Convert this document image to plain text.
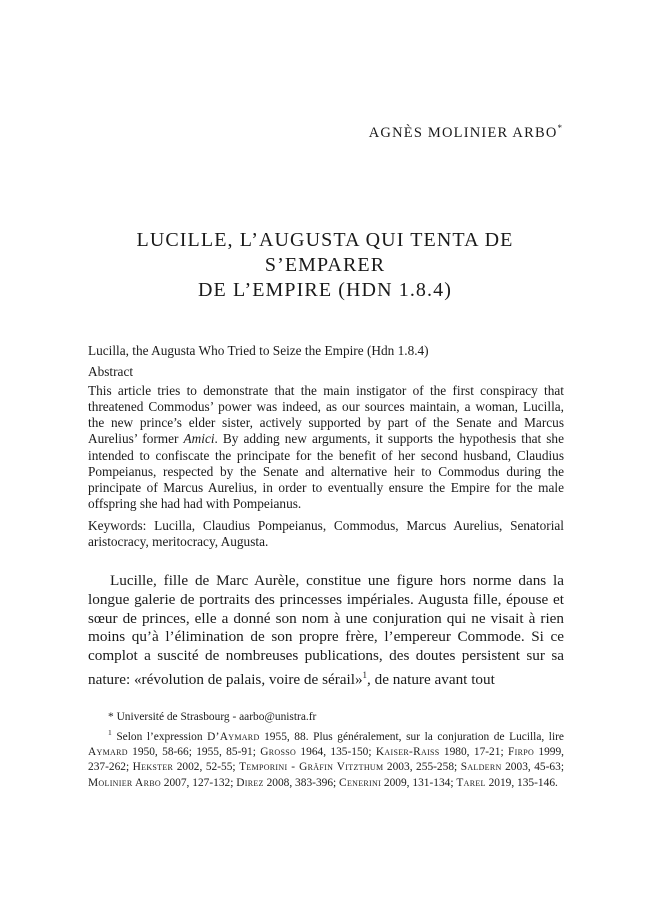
AGNÈS MOLINIER ARBO*
LUCILLE, L’AUGUSTA QUI TENTA DE S’EMPARER
DE L’EMPIRE (HDN 1.8.4)

Lucilla, the Augusta Who Tried to Seize the Empire (Hdn 1.8.4)

Abstract

This article tries to demonstrate that the main instigator of the first conspiracy that threatened Commodus’ power was indeed, as our sources maintain, a woman, Lucilla, the new prince’s elder sister, actively supported by part of the Senate and Marcus Aurelius’ former Amici. By adding new arguments, it supports the hypothesis that she intended to confiscate the principate for the benefit of her second husband, Claudius Pompeianus, respected by the Senate and alternative heir to Commodus during the principate of Marcus Aurelius, in order to eventually ensure the Empire for the male offspring she had had with Pompeianus.

Keywords: Lucilla, Claudius Pompeianus, Commodus, Marcus Aurelius, Senatorial aristocracy, meritocracy, Augusta.

Lucille, fille de Marc Aurèle, constitue une figure hors norme dans la longue galerie de portraits des princesses impériales. Augusta fille, épouse et sœur de princes, elle a donné son nom à une conjuration qui ne visait à rien moins qu’à l’élimination de son propre frère, l’empereur Commode. Si ce complot a suscité de nombreuses publications, des doutes persistent sur sa nature: «révolution de palais, voire de sérail»$^1$, de nature avant tout

* Université de Strasbourg - aarbo@unistra.fr

$^1$ Selon l’expression D’Aymard 1955, 88. Plus généralement, sur la conjuration de Lucilla, lire Aymard 1950, 58-66; 1955, 85-91; Grosso 1964, 135-150; Kaiser-Raiss 1980, 17-21; Firpo 1999, 237-262; Hekster 2002, 52-55; Temporini - Gräfin Vitzthum 2003, 255-258; Saldern 2003, 45-63; Molinier Arbo 2007, 127-132; Direz 2008, 383-396; Cenerini 2009, 131-134; Tarel 2019, 135-146.
